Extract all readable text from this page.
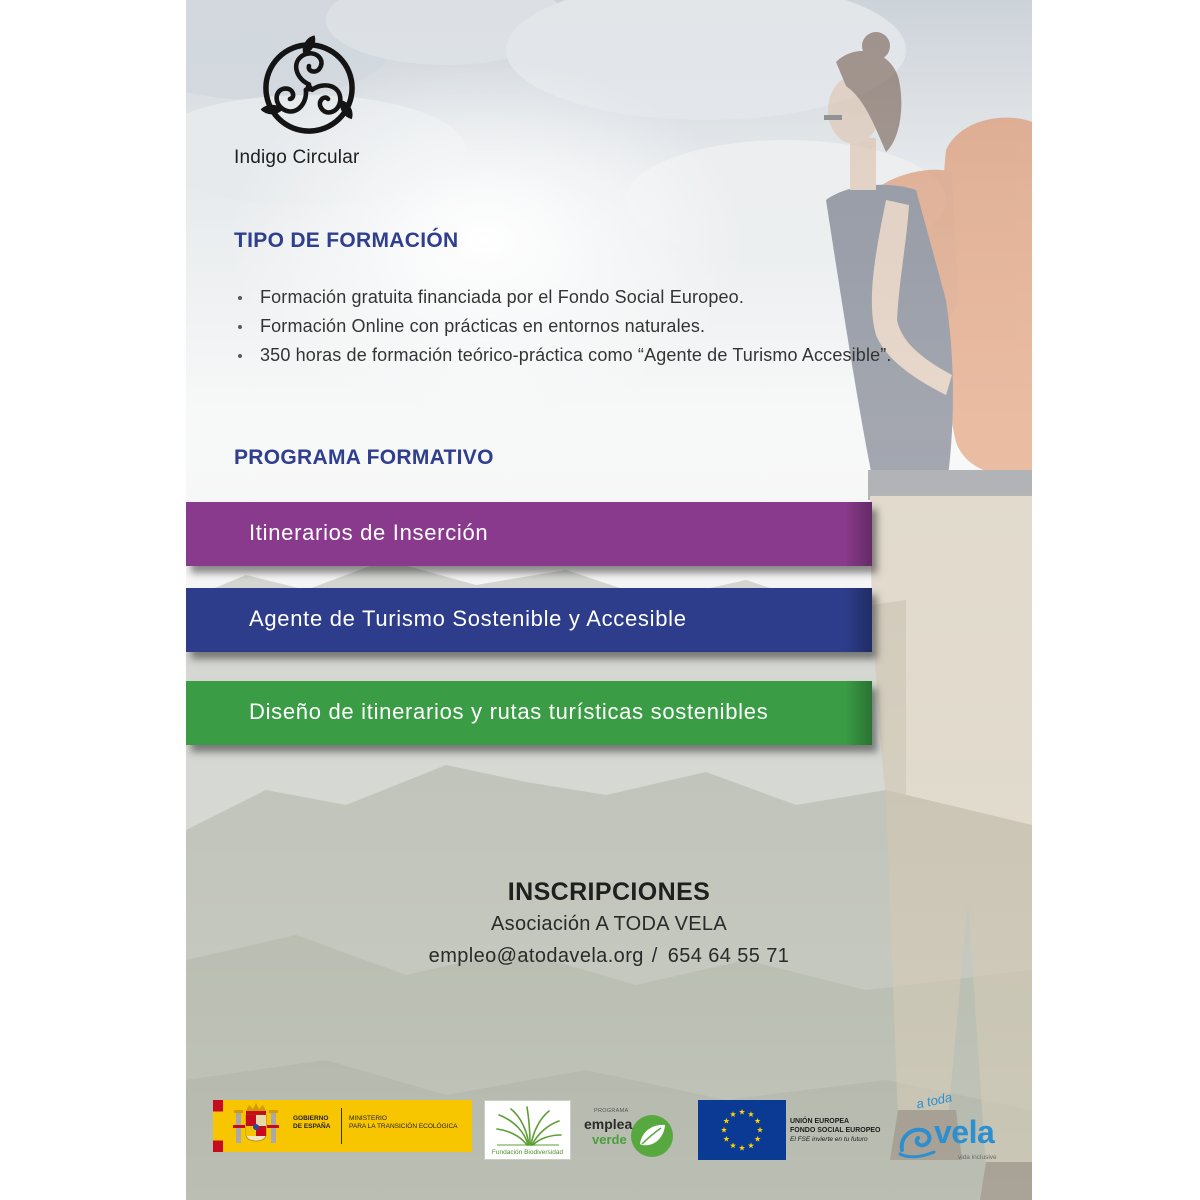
Indigo Circular
TIPO DE FORMACIÓN
Formación gratuita financiada por el Fondo Social Europeo.
Formación Online con prácticas en entornos naturales.
350 horas de formación teórico-práctica como “Agente de Turismo Accesible”.
PROGRAMA FORMATIVO
Itinerarios de Inserción
Agente de Turismo Sostenible y Accesible
Diseño de itinerarios y rutas turísticas sostenibles
INSCRIPCIONES
Asociación A TODA VELA
empleo@atodavela.org / 654 64 55 71
GOBIERNO
DE ESPAÑA
MINISTERIO
PARA LA TRANSICIÓN ECOLÓGICA
Fundación Biodiversidad
PROGRAMA
emplea
verde
UNIÓN EUROPEA
FONDO SOCIAL EUROPEO
El FSE invierte en tu futuro
a toda
vela
vida inclusive
